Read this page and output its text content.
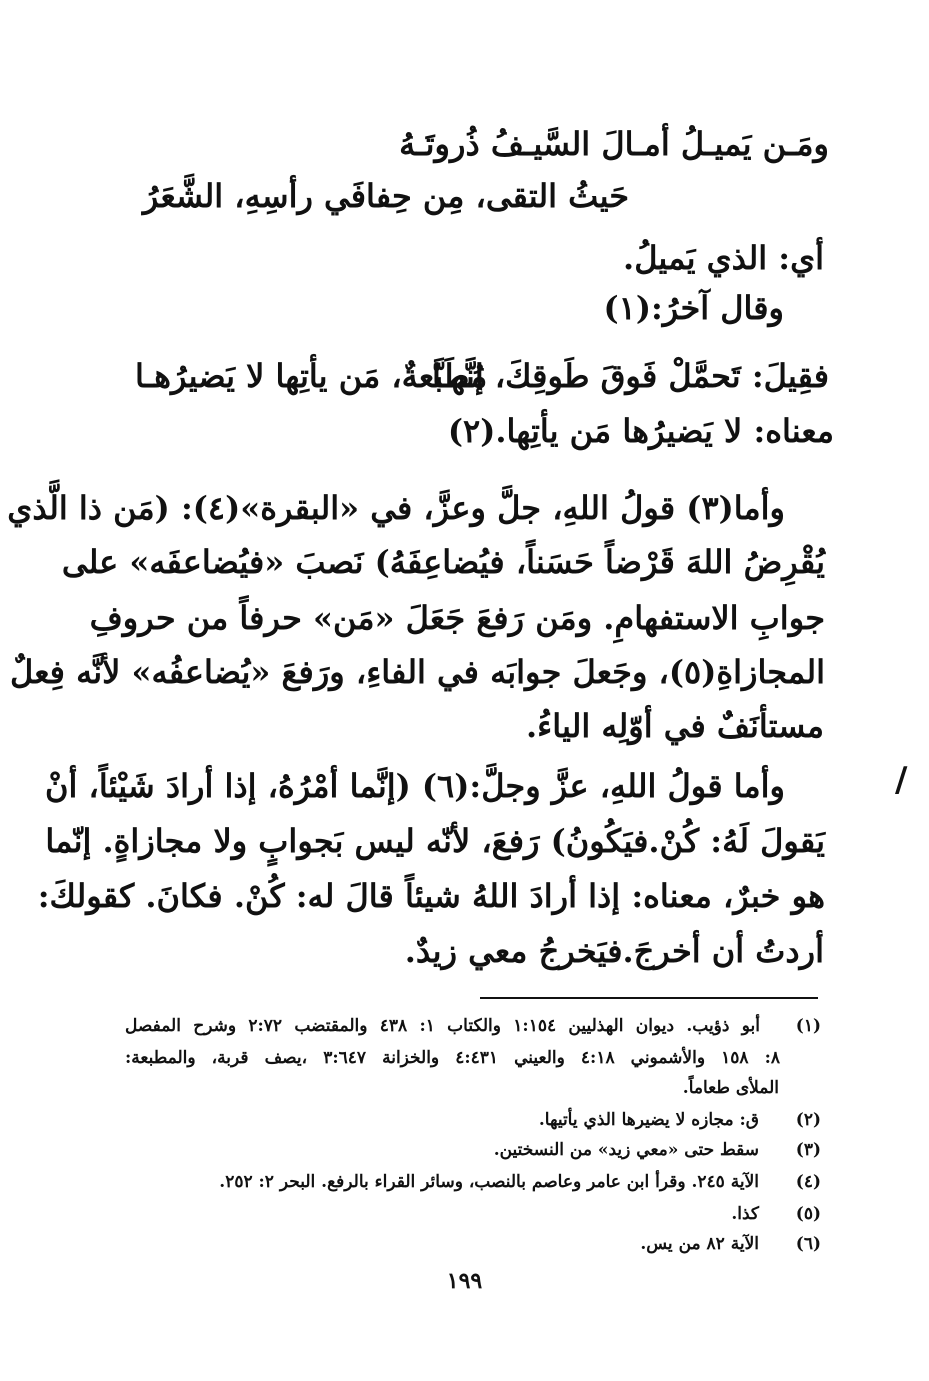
ومَـن يَميـلُ أمـالَ السَّيـفُ ذُروتَـهُ
حَيثُ التقى، مِن حِفافَي رأسِهِ، الشَّعَرُ
أي: الذي يَميلُ.
وقال آخرُ:(١)
فقِيلَ: تَحمَّلْ فَوقَ طَوقِكَ، إنَّهـا
مُطَبَّعةٌ، مَن يأتِها لا يَضيرُهـا
معناه: لا يَضيرُها مَن يأتِها.(٢)
وأما(٣) قولُ اللهِ، جلَّ وعزَّ، في «البقرة»(٤): (مَن ذا الَّذي
يُقْرِضُ اللهَ قَرْضاً حَسَناً، فيُضاعِفَهُ) نَصبَ «فيُضاعفَه» على
جوابِ الاستفهامِ. ومَن رَفعَ جَعَلَ «مَن» حرفاً من حروفِ
المجازاةِ(٥)، وجَعلَ جوابَه في الفاءِ، ورَفعَ «يُضاعفُه» لأنَّه فِعلٌ
مستأنَفٌ في أوّلِه الياءُ.
/
وأما قولُ اللهِ، عزَّ وجلَّ:(٦) (إنَّما أمْرُهُ، إذا أرادَ شَيْئاً، أنْ
يَقولَ لَهُ: كُنْ.فيَكُونُ) رَفعَ، لأنّه ليس بَجوابٍ ولا مجازاةٍ. إنّما
هو خبرٌ، معناه: إذا أرادَ اللهُ شيئاً قالَ له: كُنْ. فكانَ. كقولكَ:
أردتُ أن أخرجَ.فيَخرجُ معي زيدٌ.
(١)
أبو ذؤيب. ديوان الهذليين ١:١٥٤ والكتاب ١: ٤٣٨ والمقتضب ٢:٧٢ وشرح المفصل
٨: ١٥٨ والأشموني ٤:١٨ والعيني ٤:٤٣١ والخزانة ٣:٦٤٧ ،يصف قربة، والمطبعة:
الملأى طعاماً.
(٢)
ق: مجازه لا يضيرها الذي يأتيها.
(٣)
سقط حتى «معي زيد» من النسختين.
(٤)
الآية ٢٤٥. وقرأ ابن عامر وعاصم بالنصب، وسائر القراء بالرفع. البحر ٢: ٢٥٢.
(٥)
كذا.
(٦)
الآية ٨٢ من يس.
١٩٩
